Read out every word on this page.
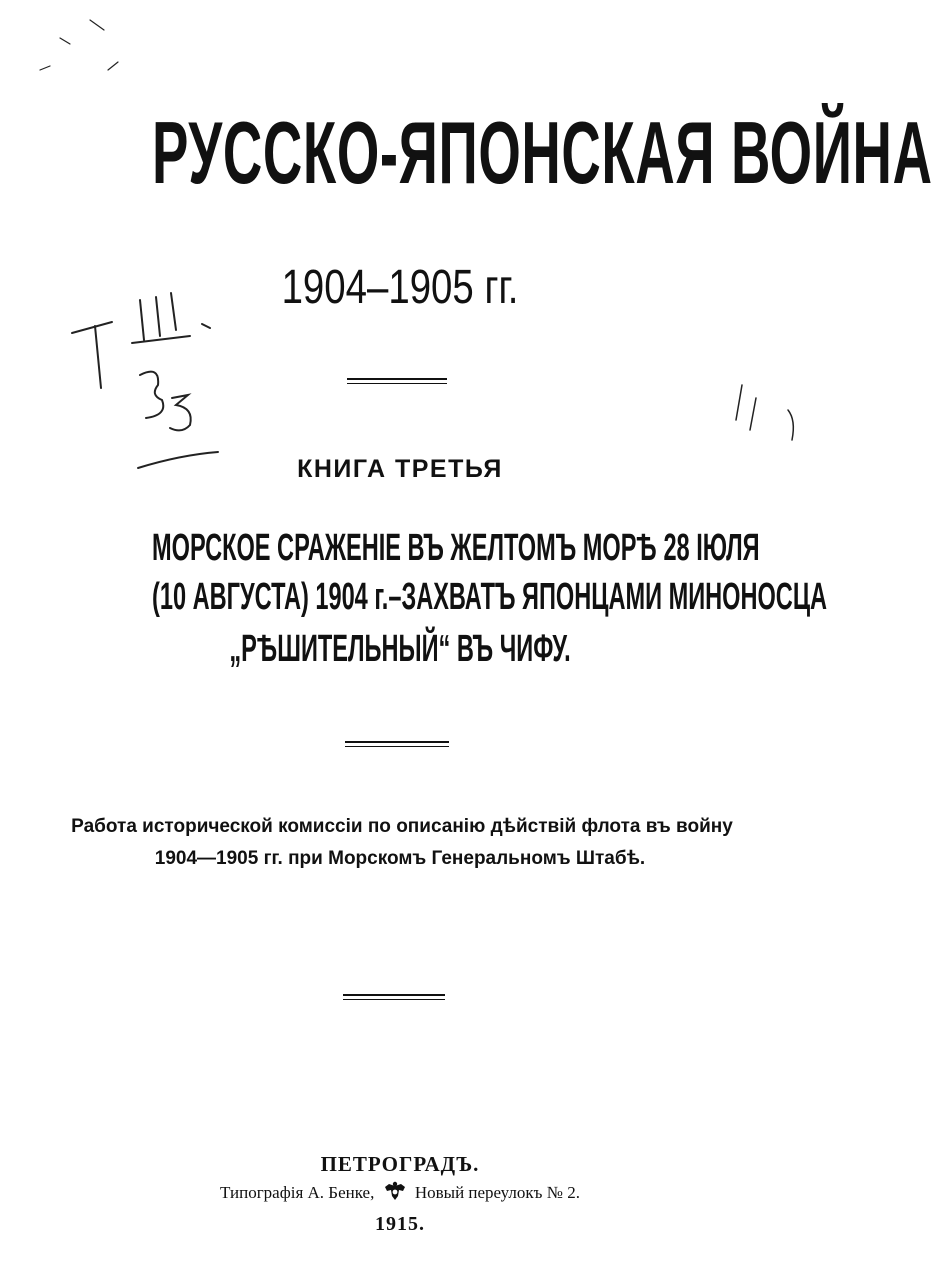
РУССКО-ЯПОНСКАЯ ВОЙНА
1904–1905 гг.
КНИГА ТРЕТЬЯ
МОРСКОЕ СРАЖЕНІЕ ВЪ ЖЕЛТОМЪ МОРѢ 28 ІЮЛЯ
(10 АВГУСТА) 1904 г.–ЗАХВАТЪ ЯПОНЦАМИ МИНОНОСЦА
„РѢШИТЕЛЬНЫЙ“ ВЪ ЧИФУ.
Работа исторической комиссіи по описанію дѣйствій флота въ войну
1904—1905 гг. при Морскомъ Генеральномъ Штабѣ.
ПЕТРОГРАДЪ.
Типографія А. Бенке, Новый переулокъ № 2.
1915.
